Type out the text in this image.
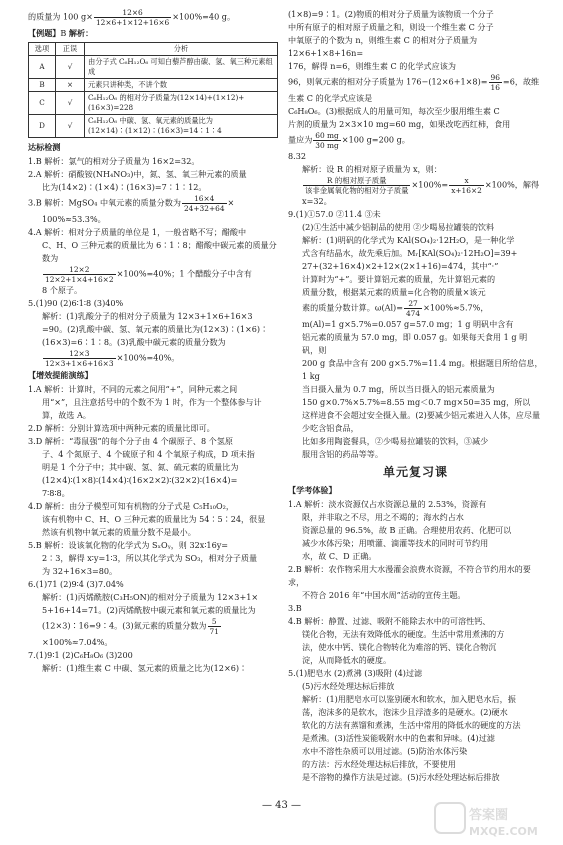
的质量为 100 $g\times \frac{12\times 6}{12\times 6+1\times 12+16\times 6} \times 100\%=40$ g。

【例题】B 解析：

选项	正误	分析
A	√	由分子式 C₆H₁₂O₆ 可知白藜芦醇由碳、氢、氧三种元素组成
B	×	元素只讲种类，不讲个数
C	√	C₆H₁₂O₆ 的相对分子质量为(12×14)+(1×12)+(16×3)=228
D	√	C₆H₁₂O₆ 中碳、氢、氧元素的质量比为(12×14)∶(1×12)∶(16×3)=14∶1∶4

达标检测

1.B 解析：氯气的相对分子质量为 16×2=32。

2.A 解析：硝酸铵(NH₄NO₃)中，氮、氢、氧三种元素的质量

比为(14×2)∶(1×4)∶(16×3)=7∶1∶12。

3.B 解析：MgSO₄ 中氧元素的质量分数为 $\frac{16\times 4}{24+32+64}$ ×

100%≈53.3%。

4.A 解析：相对分子质量的单位是 1，一般省略不写；醋酸中

C、H、O 三种元素的质量比为 6∶1∶8；醋酸中碳元素的质量分数为

$\frac{12\times 2}{12\times 2+1\times 4+16\times 2} \times 100\%=40\%$；1 个醋酸分子中含有

8 个原子。

5.(1)90 (2)6∶1∶8 (3)40%

解析：(1)乳酸分子的相对分子质量为 12×3+1×6+16×3

=90。(2)乳酸中碳、氢、氧元素的质量比为(12×3)∶(1×6)∶

(16×3)=6∶1∶8。(3)乳酸中碳元素的质量分数为

$\frac{12\times 3}{12\times 3+1\times 6+16\times 3} \times 100\%=40\%$。

【增效提能演练】

1.A 解析：计算时，不同的元素之间用“+”，同种元素之间

用“×”，且注意括号中的个数不为 1 时，作为一个整体参与计

算，故选 A。

2.D 解析：分别计算选项中两种元素的质量比即可。

3.D 解析：“毒鼠强”的每个分子由 4 个碳原子、8 个氢原

子、4 个氮原子、4 个硫原子和 4 个氧原子构成，D 项未指

明是 1 个分子中；其中碳、氢、氮、硫元素的质量比为

(12×4)∶(1×8)∶(14×4)∶(16×2×2)∶(32×2)∶(16×4)=

7∶8∶8。

4.D 解析：由分子模型可知有机物的分子式是 C₅H₁₀O₂，

该有机物中 C、H、O 三种元素的质量比为 54∶5∶24，很显

然该有机物中氧元素的质量分数不是最小。

5.B 解析：设该氧化物的化学式为 SₓOᵧ，则 32x∶16y=

2∶3，解得 x∶y=1∶3，所以其化学式为 SO₃，相对分子质量

为 32+16×3=80。

6.(1)71 (2)9∶4 (3)7.04%

解析：(1)丙烯酰胺(C₃H₅ON)的相对分子质量为 12×3+1×

5+16+14=71。(2)丙烯酰胺中碳元素和氧元素的质量比为

(12×3)∶16=9∶4。(3)氮元素的质量分数为 $\frac{5}{71}$
×100%≈7.04%。

7.(1)9∶1 (2)C₆H₈O₆ (3)200

解析：(1)维生素 C 中碳、氢元素的质量之比为(12×6)∶

(1×8)=9∶1。(2)物质的相对分子质量为该物质一个分子

中所有原子的相对原子质量之和，则设一个维生素 C 分子

中氧原子的个数为 n，则维生素 C 的相对分子质量为 12×6+1×8+16n=

176，解得 n=6，则维生素 C 的化学式应该为

96，则氧元素的相对分子质量为 $176-(12\times 6+1\times 8)= \frac{96}{16} =6$，故维生素 C 的化学式应该是

C₆H₈O₆。(3)根据成人的用量可知，每次至少服用维生素 C

片剂的质量为 2×3×10 mg=60 mg，如果改吃西红柿，食用

量应为 $\frac{60 mg}{30 mg} \times 100$ g=200 g。

8.32

解析：设 R 的相对原子质量为 x，则：

$\frac{\text{R 的相对原子质量}}{\text{该非金属氧化物的相对分子质量}} \times 100\%= \frac{x}{x+16\times 2} \times 100\%$，解得 x=32。

9.(1)①57.0 ②11.4 ③未

(2)①生活中减少铝制品的使用 ②少喝易拉罐装的饮料

解析：(1)明矾的化学式为 KAl(SO₄)₂·12H₂O，是一种化学

式含有结晶水，故先乘后加。Mᵣ[KAl(SO₄)₂·12H₂O]=39+

27+(32+16×4)×2+12×(2×1+16)=474，其中“·”

计算时为“+”。要计算铝元素的质量，先计算铝元素的

质量分数，根据某元素的质量=化合物的质量×该元

素的质量分数计算。$\omega(Al)= \frac{27}{474} \times 100\%\approx 5.7\%$，

m(Al)=1 g×5.7%=0.057 g=57.0 mg；1 g 明矾中含有

铝元素的质量为 57.0 mg，即 0.057 g。如果每天食用 1 g 明矾，则

200 g 食品中含有 200 g×5.7%=11.4 mg。根据题目所给信息，1 kg

当日摄入量为 0.7 mg，所以当日摄入的铝元素质量为

150 g×0.7%×5.7%=8.55 mg＜0.7 mg×50=35 mg，所以

这样进食不会超过安全摄入量。(2)要减少铝元素进入人体，应尽量少吃含铝食品，

比如多用陶瓷餐具，②少喝易拉罐装的饮料，③减少

服用含铝的药品等等。

单元复习课

【学考体验】

1.A 解析：淡水资源仅占水资源总量的 2.53%，资源有

限，并非取之不尽，用之不竭的；海水约占水

资源总量的 96.5%，故 B 正确。合理使用农药、化肥可以

减少水体污染；用喷灌、滴灌等技术的同时可节约用

水，故 C、D 正确。

2.B 解析：农作物采用大水漫灌会浪费水资源，不符合节约用水的要求，

不符合 2016 年“中国水周”活动的宣传主题。

3.B

4.B 解析：静置、过滤、吸附不能除去水中的可溶性钙、

镁化合物，无法有效降低水的硬度。生活中常用煮沸的方

法，使水中钙、镁化合物转化为难溶的钙、镁化合物沉

淀，从而降低水的硬度。

5.(1)肥皂水 (2)煮沸 (3)吸附 (4)过滤

(5)污水经处理达标后排放

解析：(1)用肥皂水可以鉴别硬水和软水，加入肥皂水后，振

荡，泡沫多的是软水，泡沫少且浮渣多的是硬水。(2)硬水

软化的方法有蒸馏和煮沸，生活中常用的降低水的硬度的方法

是煮沸。(3)活性炭能吸附水中的色素和异味。(4)过滤

水中不溶性杂质可以用过滤。(5)防治水体污染

的方法：污水经处理达标后排放，不要使用

是不溶物的操作方法是过滤。(5)污水经处理达标后排放

— 43 —
答案圈
MXQE.COM
